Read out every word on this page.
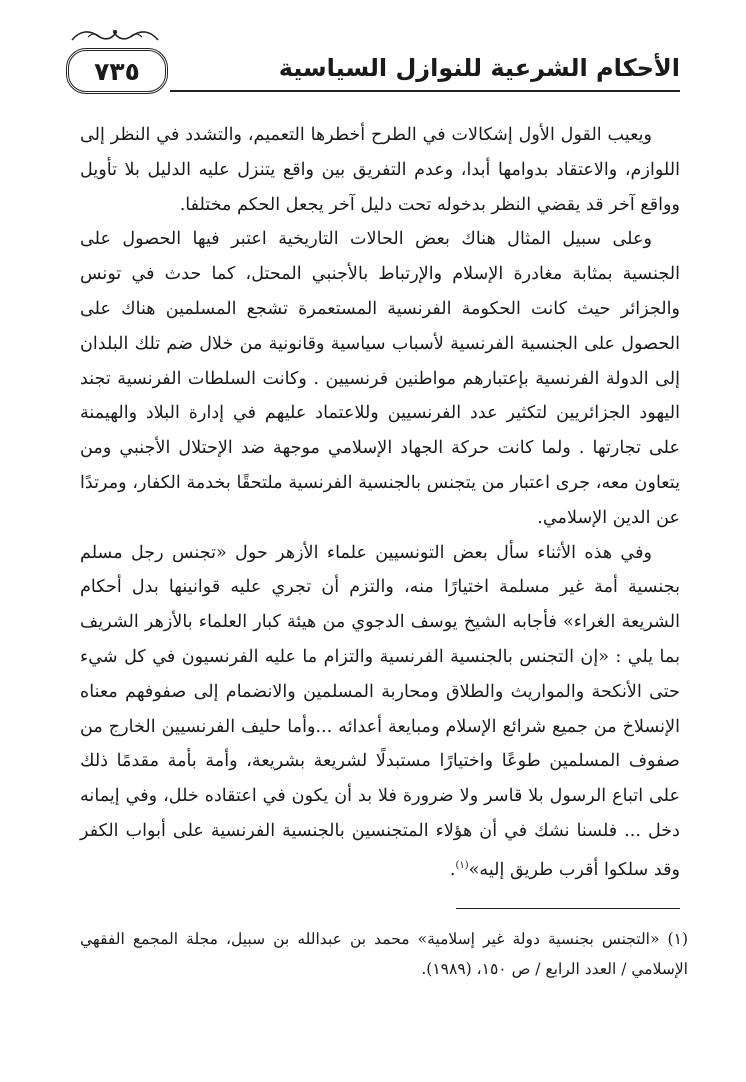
الأحكام الشرعية للنوازل السياسية
٧٣٥

ويعيب القول الأول إشكالات في الطرح أخطرها التعميم، والتشدد في النظر إلى اللوازم، والاعتقاد بدوامها أبدا، وعدم التفريق بين واقع يتنزل عليه الدليل بلا تأويل وواقع آخر قد يقضي النظر بدخوله تحت دليل آخر يجعل الحكم مختلفا.

وعلى سبيل المثال هناك بعض الحالات التاريخية اعتبر فيها الحصول على الجنسية بمثابة مغادرة الإسلام والإرتباط بالأجنبي المحتل، كما حدث في تونس والجزائر حيث كانت الحكومة الفرنسية المستعمرة تشجع المسلمين هناك على الحصول على الجنسية الفرنسية لأسباب سياسية وقانونية من خلال ضم تلك البلدان إلى الدولة الفرنسية بإعتبارهم مواطنين فرنسيين . وكانت السلطات الفرنسية تجند اليهود الجزائريين لتكثير عدد الفرنسيين وللاعتماد عليهم في إدارة البلاد والهيمنة على تجارتها . ولما كانت حركة الجهاد الإسلامي موجهة ضد الإحتلال الأجنبي ومن يتعاون معه، جرى اعتبار من يتجنس بالجنسية الفرنسية ملتحقًا بخدمة الكفار، ومرتدًا عن الدين الإسلامي.

وفي هذه الأثناء سأل بعض التونسيين علماء الأزهر حول «تجنس رجل مسلم بجنسية أمة غير مسلمة اختيارًا منه، والتزم أن تجري عليه قوانينها بدل أحكام الشريعة الغراء» فأجابه الشيخ يوسف الدجوي من هيئة كبار العلماء بالأزهر الشريف بما يلي : «إن التجنس بالجنسية الفرنسية والتزام ما عليه الفرنسيون في كل شيء حتى الأنكحة والمواريث والطلاق ومحاربة المسلمين والانضمام إلى صفوفهم معناه الإنسلاخ من جميع شرائع الإسلام ومبايعة أعدائه ...وأما حليف الفرنسيين الخارج من صفوف المسلمين طوعًا واختيارًا مستبدلًا لشريعة بشريعة، وأمة بأمة مقدمًا ذلك على اتباع الرسول بلا قاسر ولا ضرورة فلا بد أن يكون في اعتقاده خلل، وفي إيمانه دخل ... فلسنا نشك في أن هؤلاء المتجنسين بالجنسية الفرنسية على أبواب الكفر وقد سلكوا أقرب طريق إليه»$^{(١)}$.

(١) «التجنس بجنسية دولة غير إسلامية» محمد بن عبدالله بن سبيل، مجلة المجمع الفقهي الإسلامي / العدد الرابع / ص ١٥٠، (١٩٨٩).
